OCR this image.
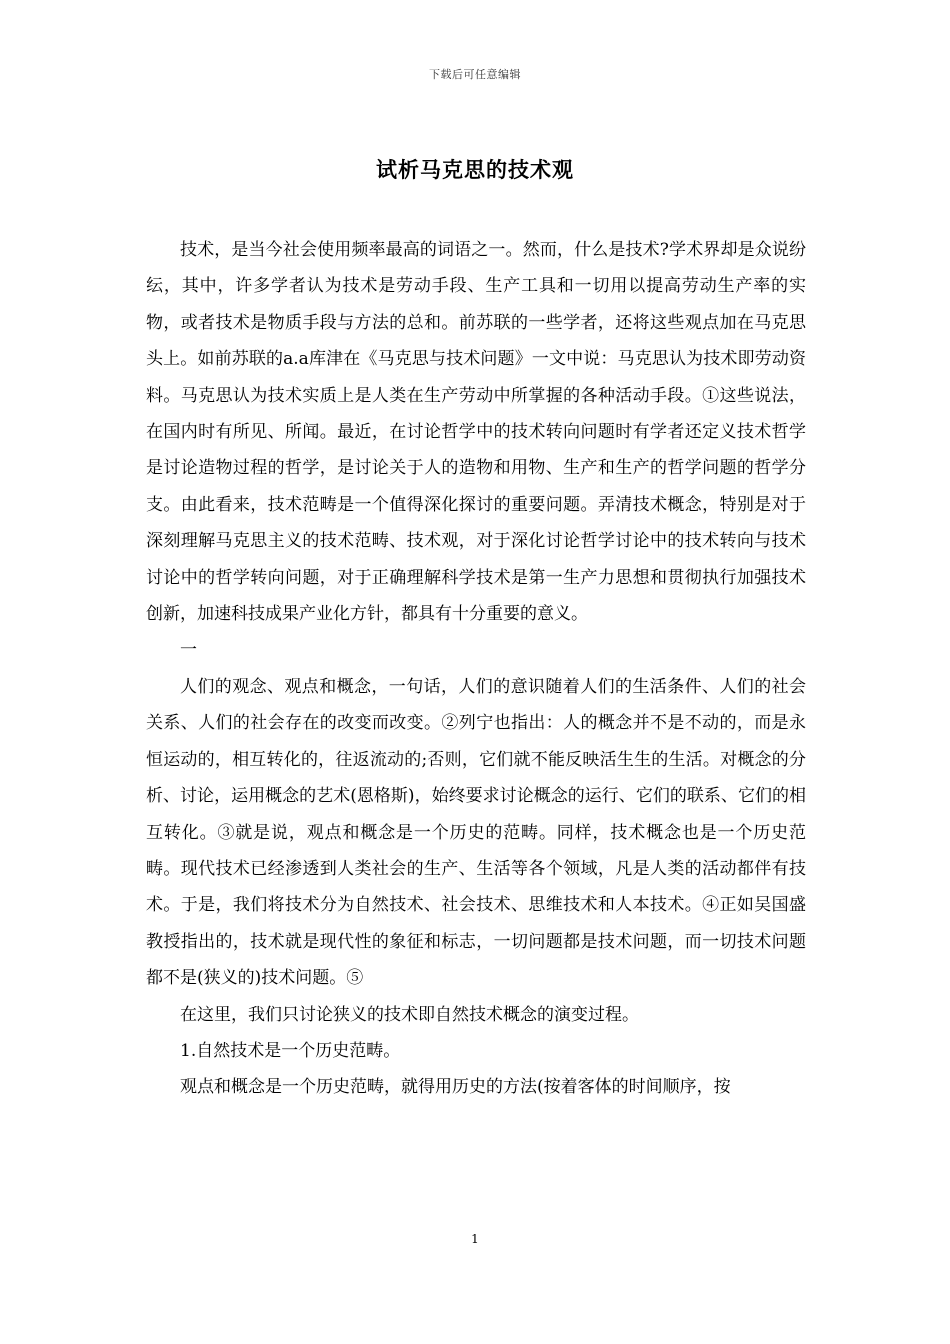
下载后可任意编辑
试析马克思的技术观

技术，是当今社会使用频率最高的词语之一。然而，什么是技术?学术界却是众说纷纭，其中，许多学者认为技术是劳动手段、生产工具和一切用以提高劳动生产率的实物，或者技术是物质手段与方法的总和。前苏联的一些学者，还将这些观点加在马克思头上。如前苏联的a.a库津在《马克思与技术问题》一文中说：马克思认为技术即劳动资料。马克思认为技术实质上是人类在生产劳动中所掌握的各种活动手段。①这些说法，在国内时有所见、所闻。最近，在讨论哲学中的技术转向问题时有学者还定义技术哲学是讨论造物过程的哲学，是讨论关于人的造物和用物、生产和生产的哲学问题的哲学分支。由此看来，技术范畴是一个值得深化探讨的重要问题。弄清技术概念，特别是对于深刻理解马克思主义的技术范畴、技术观，对于深化讨论哲学讨论中的技术转向与技术讨论中的哲学转向问题，对于正确理解科学技术是第一生产力思想和贯彻执行加强技术创新，加速科技成果产业化方针，都具有十分重要的意义。

一

人们的观念、观点和概念，一句话，人们的意识随着人们的生活条件、人们的社会关系、人们的社会存在的改变而改变。②列宁也指出：人的概念并不是不动的，而是永恒运动的，相互转化的，往返流动的;否则，它们就不能反映活生生的生活。对概念的分析、讨论，运用概念的艺术(恩格斯)，始终要求讨论概念的运行、它们的联系、它们的相互转化。③就是说，观点和概念是一个历史的范畴。同样，技术概念也是一个历史范畴。现代技术已经渗透到人类社会的生产、生活等各个领域，凡是人类的活动都伴有技术。于是，我们将技术分为自然技术、社会技术、思维技术和人本技术。④正如吴国盛教授指出的，技术就是现代性的象征和标志，一切问题都是技术问题，而一切技术问题都不是(狭义的)技术问题。⑤

在这里，我们只讨论狭义的技术即自然技术概念的演变过程。

1.自然技术是一个历史范畴。

观点和概念是一个历史范畴，就得用历史的方法(按着客体的时间顺序，按

1
